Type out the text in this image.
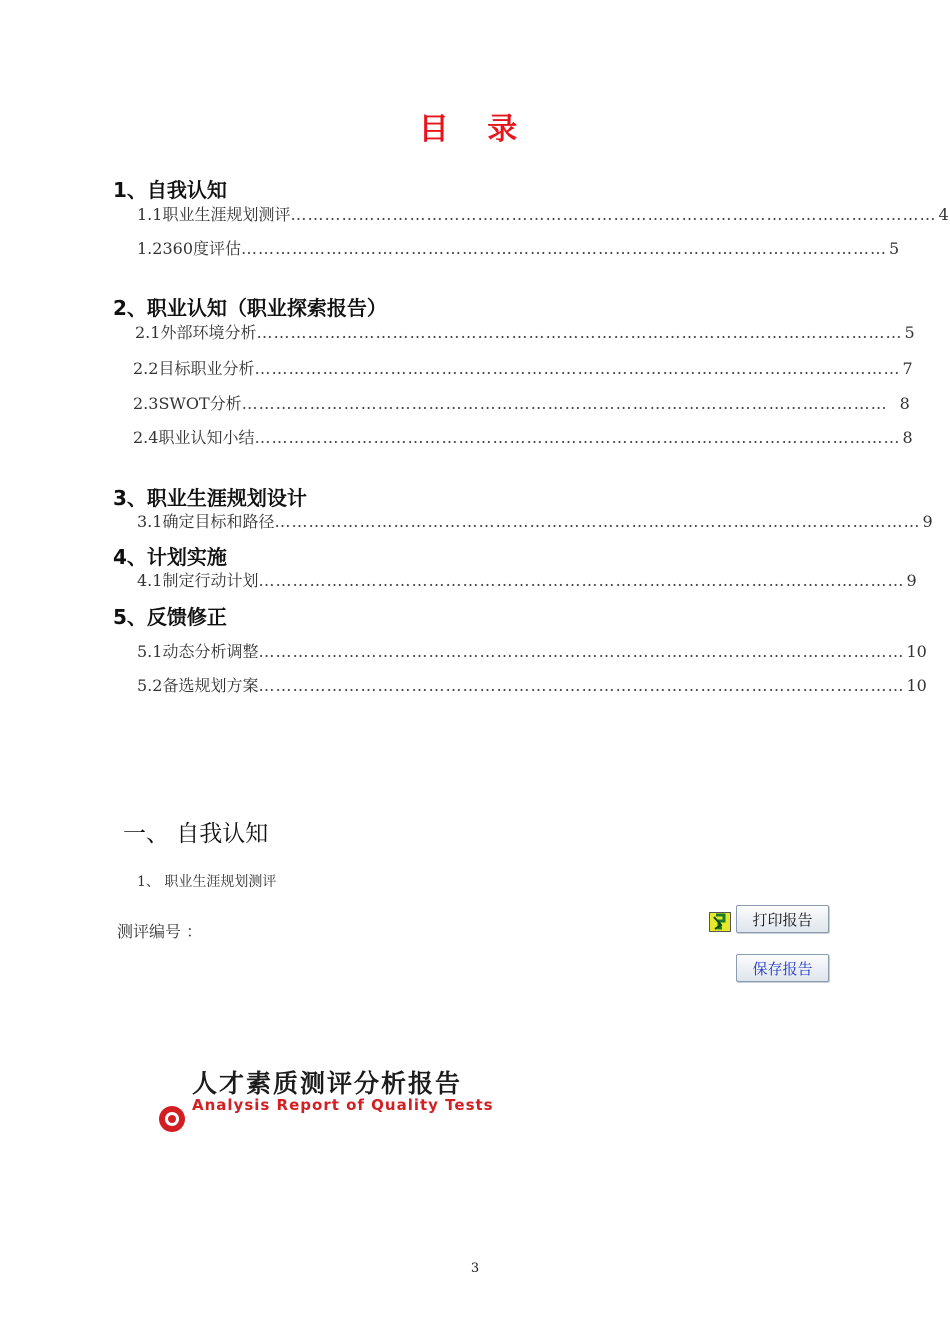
目 录
1、自我认知
1.1 职业生涯规划测评 …………………………………………………………………………………………………… 4
1.2 360度评估 …………………………………………………………………………………………………… 5
2、职业认知（职业探索报告）
2.1 外部环境分析 …………………………………………………………………………………………………… 5
2.2 目标职业分析 …………………………………………………………………………………………………… 7
2.3 SWOT分析 …………………………………………………………………………………………………… 8
2.4 职业认知小结 …………………………………………………………………………………………………… 8
3、职业生涯规划设计
3.1 确定目标和路径 …………………………………………………………………………………………………… 9
4、计划实施
4.1 制定行动计划 …………………………………………………………………………………………………… 9
5、反馈修正
5.1 动态分析调整 …………………………………………………………………………………………………… 10
5.2 备选规划方案 …………………………………………………………………………………………………… 10
一、 自我认知
1、 职业生涯规划测评
测评编号 ：
打印报告
保存报告
人才素质测评分析报告
Analysis Report of Quality Tests
3
